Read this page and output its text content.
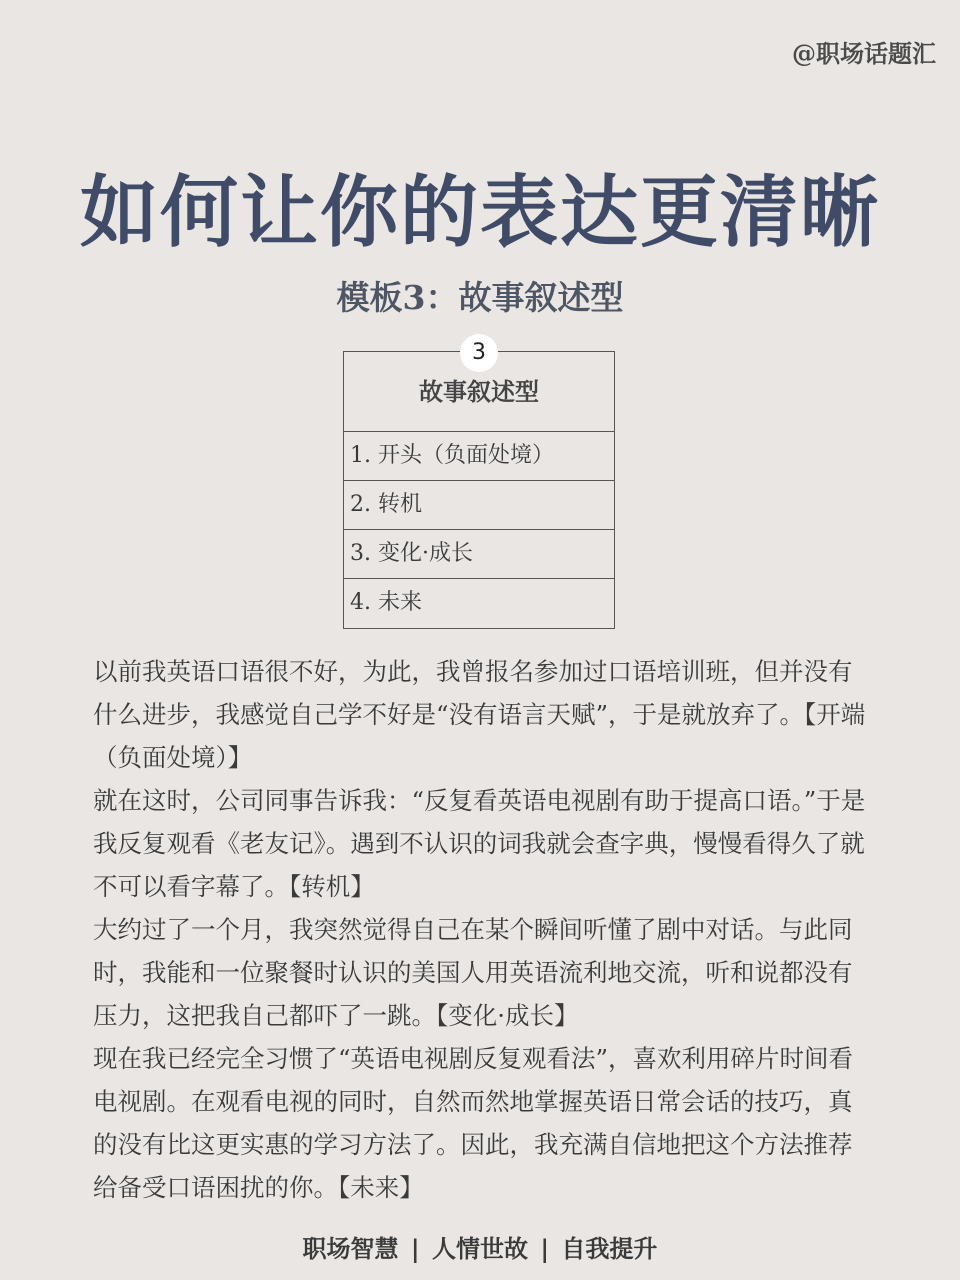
@职场话题汇
如何让你的表达更清晰
模板3：故事叙述型
3
故事叙述型
1. 开头（负面处境）
2. 转机
3. 变化·成长
4. 未来

以前我英语口语很不好，为此，我曾报名参加过口语培训班，但并没有什么进步，我感觉自己学不好是“没有语言天赋”，于是就放弃了。【开端（负面处境）】

就在这时，公司同事告诉我：“反复看英语电视剧有助于提高口语。”于是我反复观看《老友记》。遇到不认识的词我就会查字典，慢慢看得久了就不可以看字幕了。【转机】

大约过了一个月，我突然觉得自己在某个瞬间听懂了剧中对话。与此同时，我能和一位聚餐时认识的美国人用英语流利地交流，听和说都没有压力，这把我自己都吓了一跳。【变化·成长】

现在我已经完全习惯了“英语电视剧反复观看法”，喜欢利用碎片时间看电视剧。在观看电视的同时，自然而然地掌握英语日常会话的技巧，真的没有比这更实惠的学习方法了。因此，我充满自信地把这个方法推荐给备受口语困扰的你。【未来】

职场智慧 | 人情世故 | 自我提升
